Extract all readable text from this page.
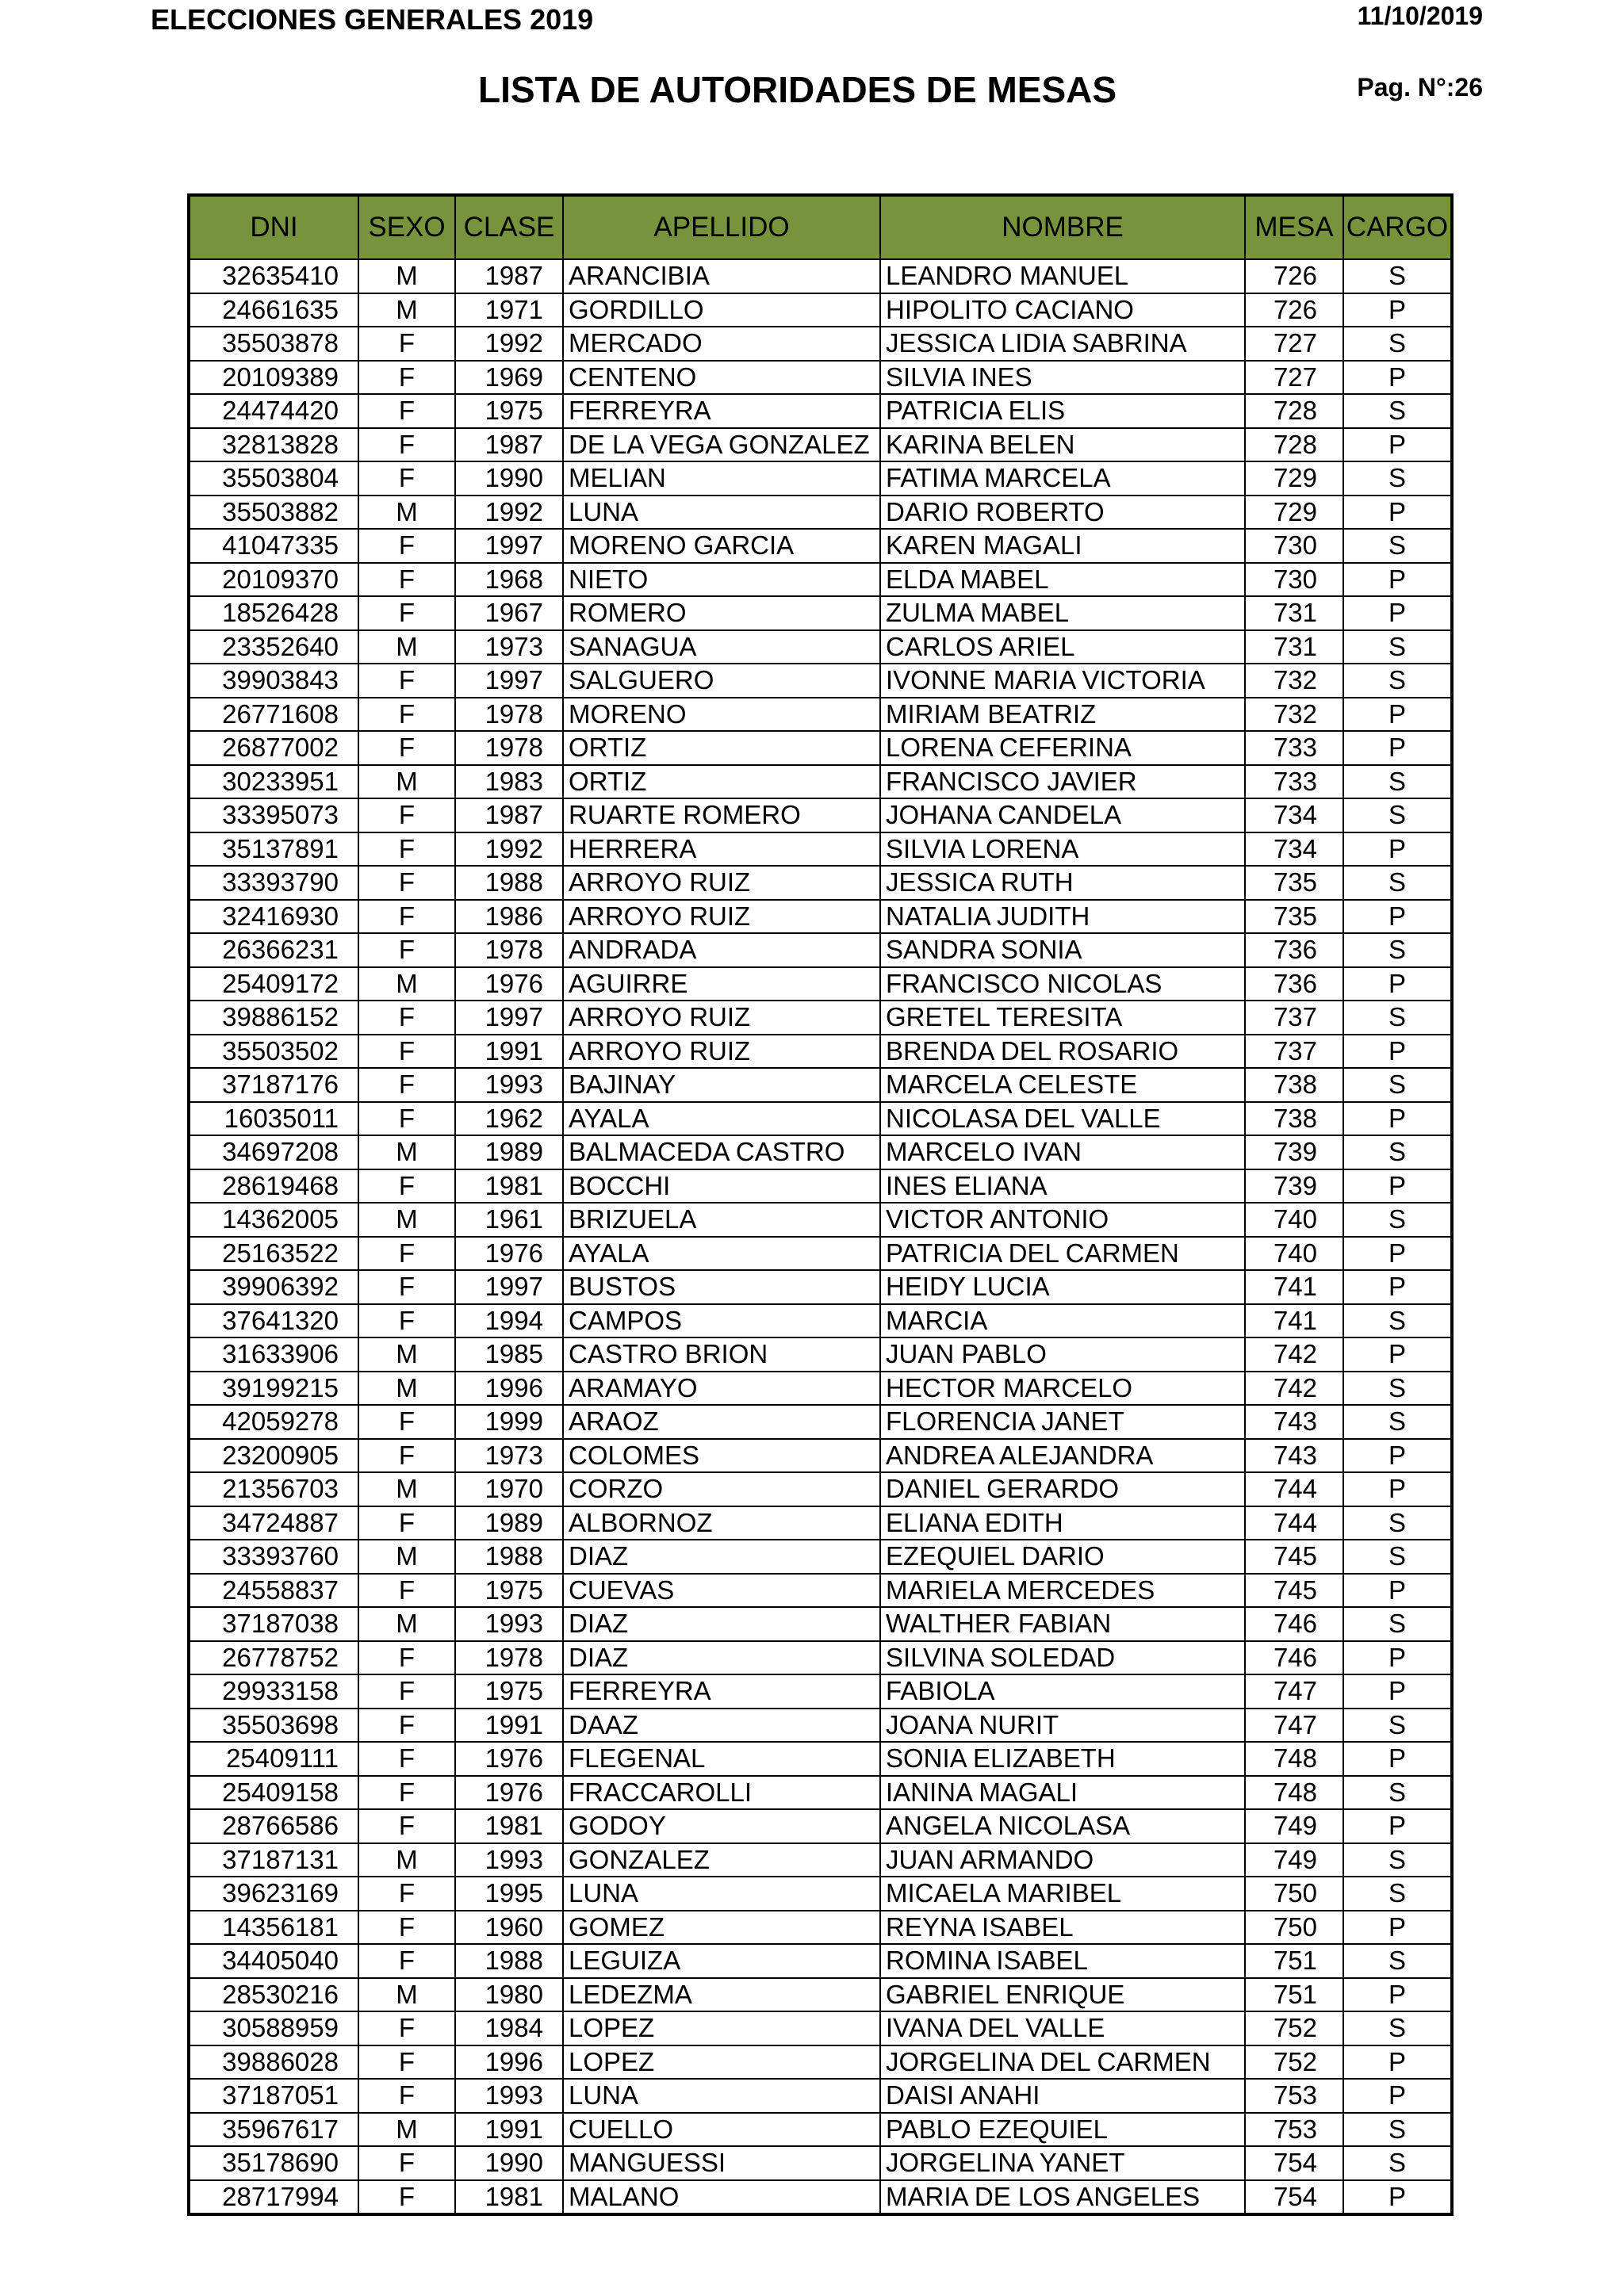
ELECCIONES GENERALES 2019	11/10/2019
LISTA DE AUTORIDADES DE MESAS	Pag. N°:26
DNI	SEXO	CLASE	APELLIDO	NOMBRE	MESA	CARGO
32635410	M	1987	ARANCIBIA	LEANDRO MANUEL	726	S
24661635	M	1971	GORDILLO	HIPOLITO CACIANO	726	P
35503878	F	1992	MERCADO	JESSICA LIDIA SABRINA	727	S
20109389	F	1969	CENTENO	SILVIA INES	727	P
24474420	F	1975	FERREYRA	PATRICIA ELIS	728	S
32813828	F	1987	DE LA VEGA GONZALEZ	KARINA BELEN	728	P
35503804	F	1990	MELIAN	FATIMA MARCELA	729	S
35503882	M	1992	LUNA	DARIO ROBERTO	729	P
41047335	F	1997	MORENO GARCIA	KAREN MAGALI	730	S
20109370	F	1968	NIETO	ELDA MABEL	730	P
18526428	F	1967	ROMERO	ZULMA MABEL	731	P
23352640	M	1973	SANAGUA	CARLOS ARIEL	731	S
39903843	F	1997	SALGUERO	IVONNE MARIA VICTORIA	732	S
26771608	F	1978	MORENO	MIRIAM BEATRIZ	732	P
26877002	F	1978	ORTIZ	LORENA CEFERINA	733	P
30233951	M	1983	ORTIZ	FRANCISCO JAVIER	733	S
33395073	F	1987	RUARTE ROMERO	JOHANA CANDELA	734	S
35137891	F	1992	HERRERA	SILVIA LORENA	734	P
33393790	F	1988	ARROYO RUIZ	JESSICA RUTH	735	S
32416930	F	1986	ARROYO RUIZ	NATALIA JUDITH	735	P
26366231	F	1978	ANDRADA	SANDRA SONIA	736	S
25409172	M	1976	AGUIRRE	FRANCISCO NICOLAS	736	P
39886152	F	1997	ARROYO RUIZ	GRETEL TERESITA	737	S
35503502	F	1991	ARROYO RUIZ	BRENDA DEL ROSARIO	737	P
37187176	F	1993	BAJINAY	MARCELA CELESTE	738	S
16035011	F	1962	AYALA	NICOLASA DEL VALLE	738	P
34697208	M	1989	BALMACEDA CASTRO	MARCELO IVAN	739	S
28619468	F	1981	BOCCHI	INES ELIANA	739	P
14362005	M	1961	BRIZUELA	VICTOR ANTONIO	740	S
25163522	F	1976	AYALA	PATRICIA DEL CARMEN	740	P
39906392	F	1997	BUSTOS	HEIDY LUCIA	741	P
37641320	F	1994	CAMPOS	MARCIA	741	S
31633906	M	1985	CASTRO BRION	JUAN PABLO	742	P
39199215	M	1996	ARAMAYO	HECTOR MARCELO	742	S
42059278	F	1999	ARAOZ	FLORENCIA JANET	743	S
23200905	F	1973	COLOMES	ANDREA ALEJANDRA	743	P
21356703	M	1970	CORZO	DANIEL GERARDO	744	P
34724887	F	1989	ALBORNOZ	ELIANA EDITH	744	S
33393760	M	1988	DIAZ	EZEQUIEL DARIO	745	S
24558837	F	1975	CUEVAS	MARIELA MERCEDES	745	P
37187038	M	1993	DIAZ	WALTHER FABIAN	746	S
26778752	F	1978	DIAZ	SILVINA SOLEDAD	746	P
29933158	F	1975	FERREYRA	FABIOLA	747	P
35503698	F	1991	DAAZ	JOANA NURIT	747	S
25409111	F	1976	FLEGENAL	SONIA ELIZABETH	748	P
25409158	F	1976	FRACCAROLLI	IANINA MAGALI	748	S
28766586	F	1981	GODOY	ANGELA NICOLASA	749	P
37187131	M	1993	GONZALEZ	JUAN ARMANDO	749	S
39623169	F	1995	LUNA	MICAELA MARIBEL	750	S
14356181	F	1960	GOMEZ	REYNA ISABEL	750	P
34405040	F	1988	LEGUIZA	ROMINA ISABEL	751	S
28530216	M	1980	LEDEZMA	GABRIEL ENRIQUE	751	P
30588959	F	1984	LOPEZ	IVANA DEL VALLE	752	S
39886028	F	1996	LOPEZ	JORGELINA DEL CARMEN	752	P
37187051	F	1993	LUNA	DAISI ANAHI	753	P
35967617	M	1991	CUELLO	PABLO EZEQUIEL	753	S
35178690	F	1990	MANGUESSI	JORGELINA YANET	754	S
28717994	F	1981	MALANO	MARIA DE LOS ANGELES	754	P
